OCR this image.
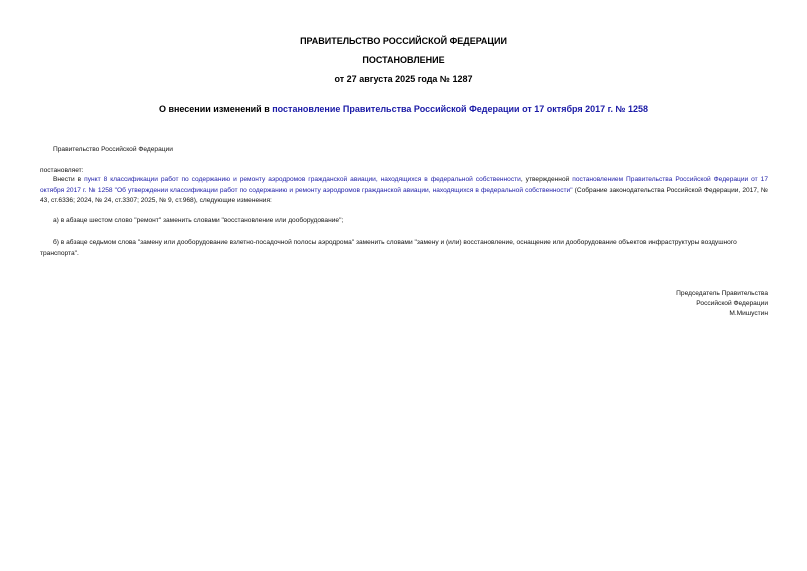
ПРАВИТЕЛЬСТВО РОССИЙСКОЙ ФЕДЕРАЦИИ
ПОСТАНОВЛЕНИЕ
от 27 августа 2025 года № 1287
О внесении изменений в постановление Правительства Российской Федерации от 17 октября 2017 г. № 1258
Правительство Российской Федерации
постановляет:
Внести в пункт 8 классификации работ по содержанию и ремонту аэродромов гражданской авиации, находящихся в федеральной собственности, утвержденной постановлением Правительства Российской Федерации от 17 октября 2017 г. № 1258 "Об утверждении классификации работ по содержанию и ремонту аэродромов гражданской авиации, находящихся в федеральной собственности" (Собрание законодательства Российской Федерации, 2017, № 43, ст.6336; 2024, № 24, ст.3307; 2025, № 9, ст.968), следующие изменения:
а) в абзаце шестом слово "ремонт" заменить словами "восстановление или дооборудование";
б) в абзаце седьмом слова "замену или дооборудование взлетно-посадочной полосы аэродрома" заменить словами "замену и (или) восстановление, оснащение или дооборудование объектов инфраструктуры воздушного транспорта".
Председатель Правительства
Российской Федерации
М.Мишустин
